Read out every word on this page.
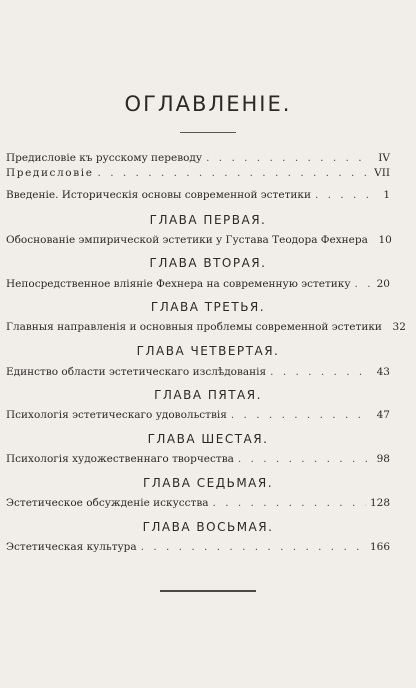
ОГЛАВЛЕНІЕ.
Предисловіе къ русскому переводу . . .	IV
Предисловіе . . .	VII
Введеніе. Историческія основы современной эстетики . . .	1
ГЛАВА ПЕРВАЯ.
Обоснованіе эмпирической эстетики у Густава Теодора Фехнера 10
ГЛАВА ВТОРАЯ.
Непосредственное вліяніе Фехнера на современную эстетику . . . 20
ГЛАВА ТРЕТЬЯ.
Главныя направленія и основныя проблемы современной эстетики 32
ГЛАВА ЧЕТВЕРТАЯ.
Единство области эстетическаго изслѣдованія . . .	43
ГЛАВА ПЯТАЯ.
Психологія эстетическаго удовольствія . . .	47
ГЛАВА ШЕСТАЯ.
Психологія художественнаго творчества . . .	98
ГЛАВА СЕДЬМАЯ.
Эстетическое обсужденіе искусства . . .	128
ГЛАВА ВОСЬМАЯ.
Эстетическая культура . . .	166
